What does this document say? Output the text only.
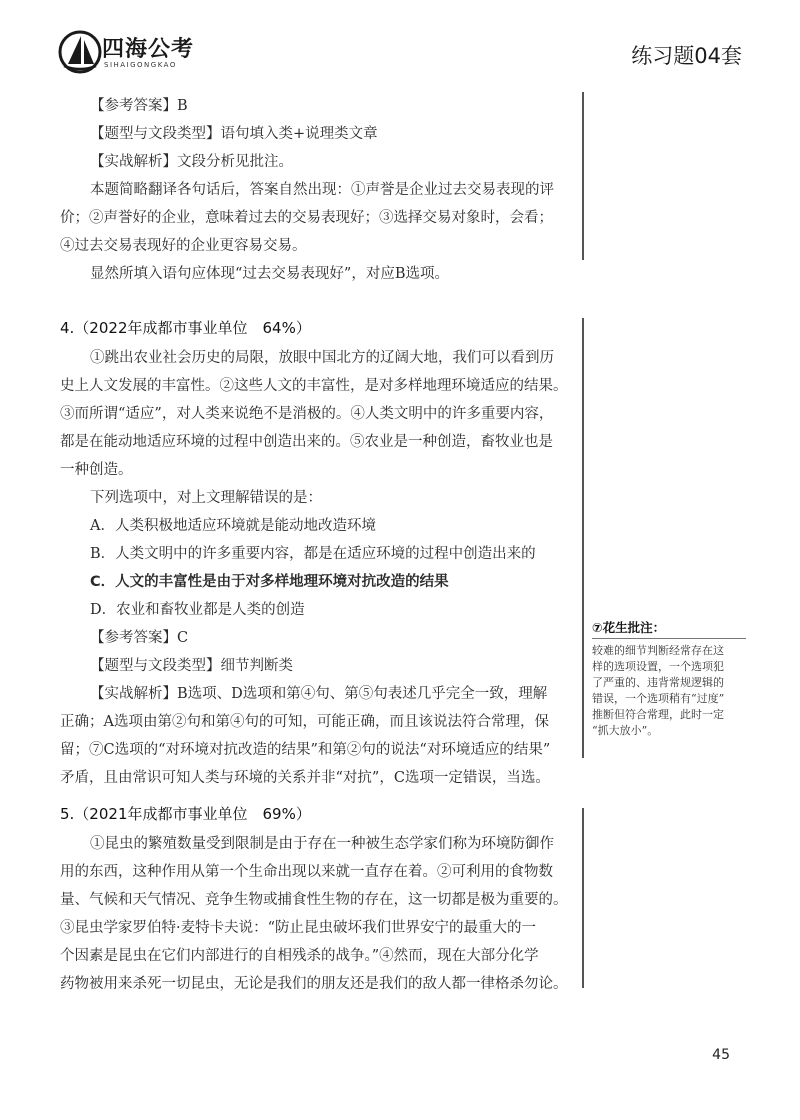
四海公考
SIHAIGONGKAO	练习题04套

【参考答案】B

【题型与文段类型】语句填入类+说理类文章

【实战解析】文段分析见批注。

本题简略翻译各句话后，答案自然出现：①声誉是企业过去交易表现的评

价；②声誉好的企业，意味着过去的交易表现好；③选择交易对象时，会看；

④过去交易表现好的企业更容易交易。

显然所填入语句应体现“过去交易表现好”，对应B选项。

4.（2022年成都市事业单位　64%）

①跳出农业社会历史的局限，放眼中国北方的辽阔大地，我们可以看到历

史上人文发展的丰富性。②这些人文的丰富性，是对多样地理环境适应的结果。

③而所谓“适应”，对人类来说绝不是消极的。④人类文明中的许多重要内容，

都是在能动地适应环境的过程中创造出来的。⑤农业是一种创造，畜牧业也是

一种创造。

下列选项中，对上文理解错误的是：

A．人类积极地适应环境就是能动地改造环境

B．人类文明中的许多重要内容，都是在适应环境的过程中创造出来的

C．人文的丰富性是由于对多样地理环境对抗改造的结果

D．农业和畜牧业都是人类的创造

【参考答案】C

【题型与文段类型】细节判断类

【实战解析】B选项、D选项和第④句、第⑤句表述几乎完全一致，理解

正确；A选项由第②句和第④句的可知，可能正确，而且该说法符合常理，保

留；⑦C选项的“对环境对抗改造的结果”和第②句的说法“对环境适应的结果”

矛盾，且由常识可知人类与环境的关系并非“对抗”，C选项一定错误，当选。

⑦花生批注：

较难的细节判断经常存在这

样的选项设置，一个选项犯

了严重的、违背常规逻辑的

错误，一个选项稍有“过度”

推断但符合常理，此时一定

“抓大放小”。

5.（2021年成都市事业单位　69%）

①昆虫的繁殖数量受到限制是由于存在一种被生态学家们称为环境防御作

用的东西，这种作用从第一个生命出现以来就一直存在着。②可利用的食物数

量、气候和天气情况、竞争生物或捕食性生物的存在，这一切都是极为重要的。

③昆虫学家罗伯特·麦特卡夫说：“防止昆虫破坏我们世界安宁的最重大的一

个因素是昆虫在它们内部进行的自相残杀的战争。”④然而，现在大部分化学

药物被用来杀死一切昆虫，无论是我们的朋友还是我们的敌人都一律格杀勿论。

45
